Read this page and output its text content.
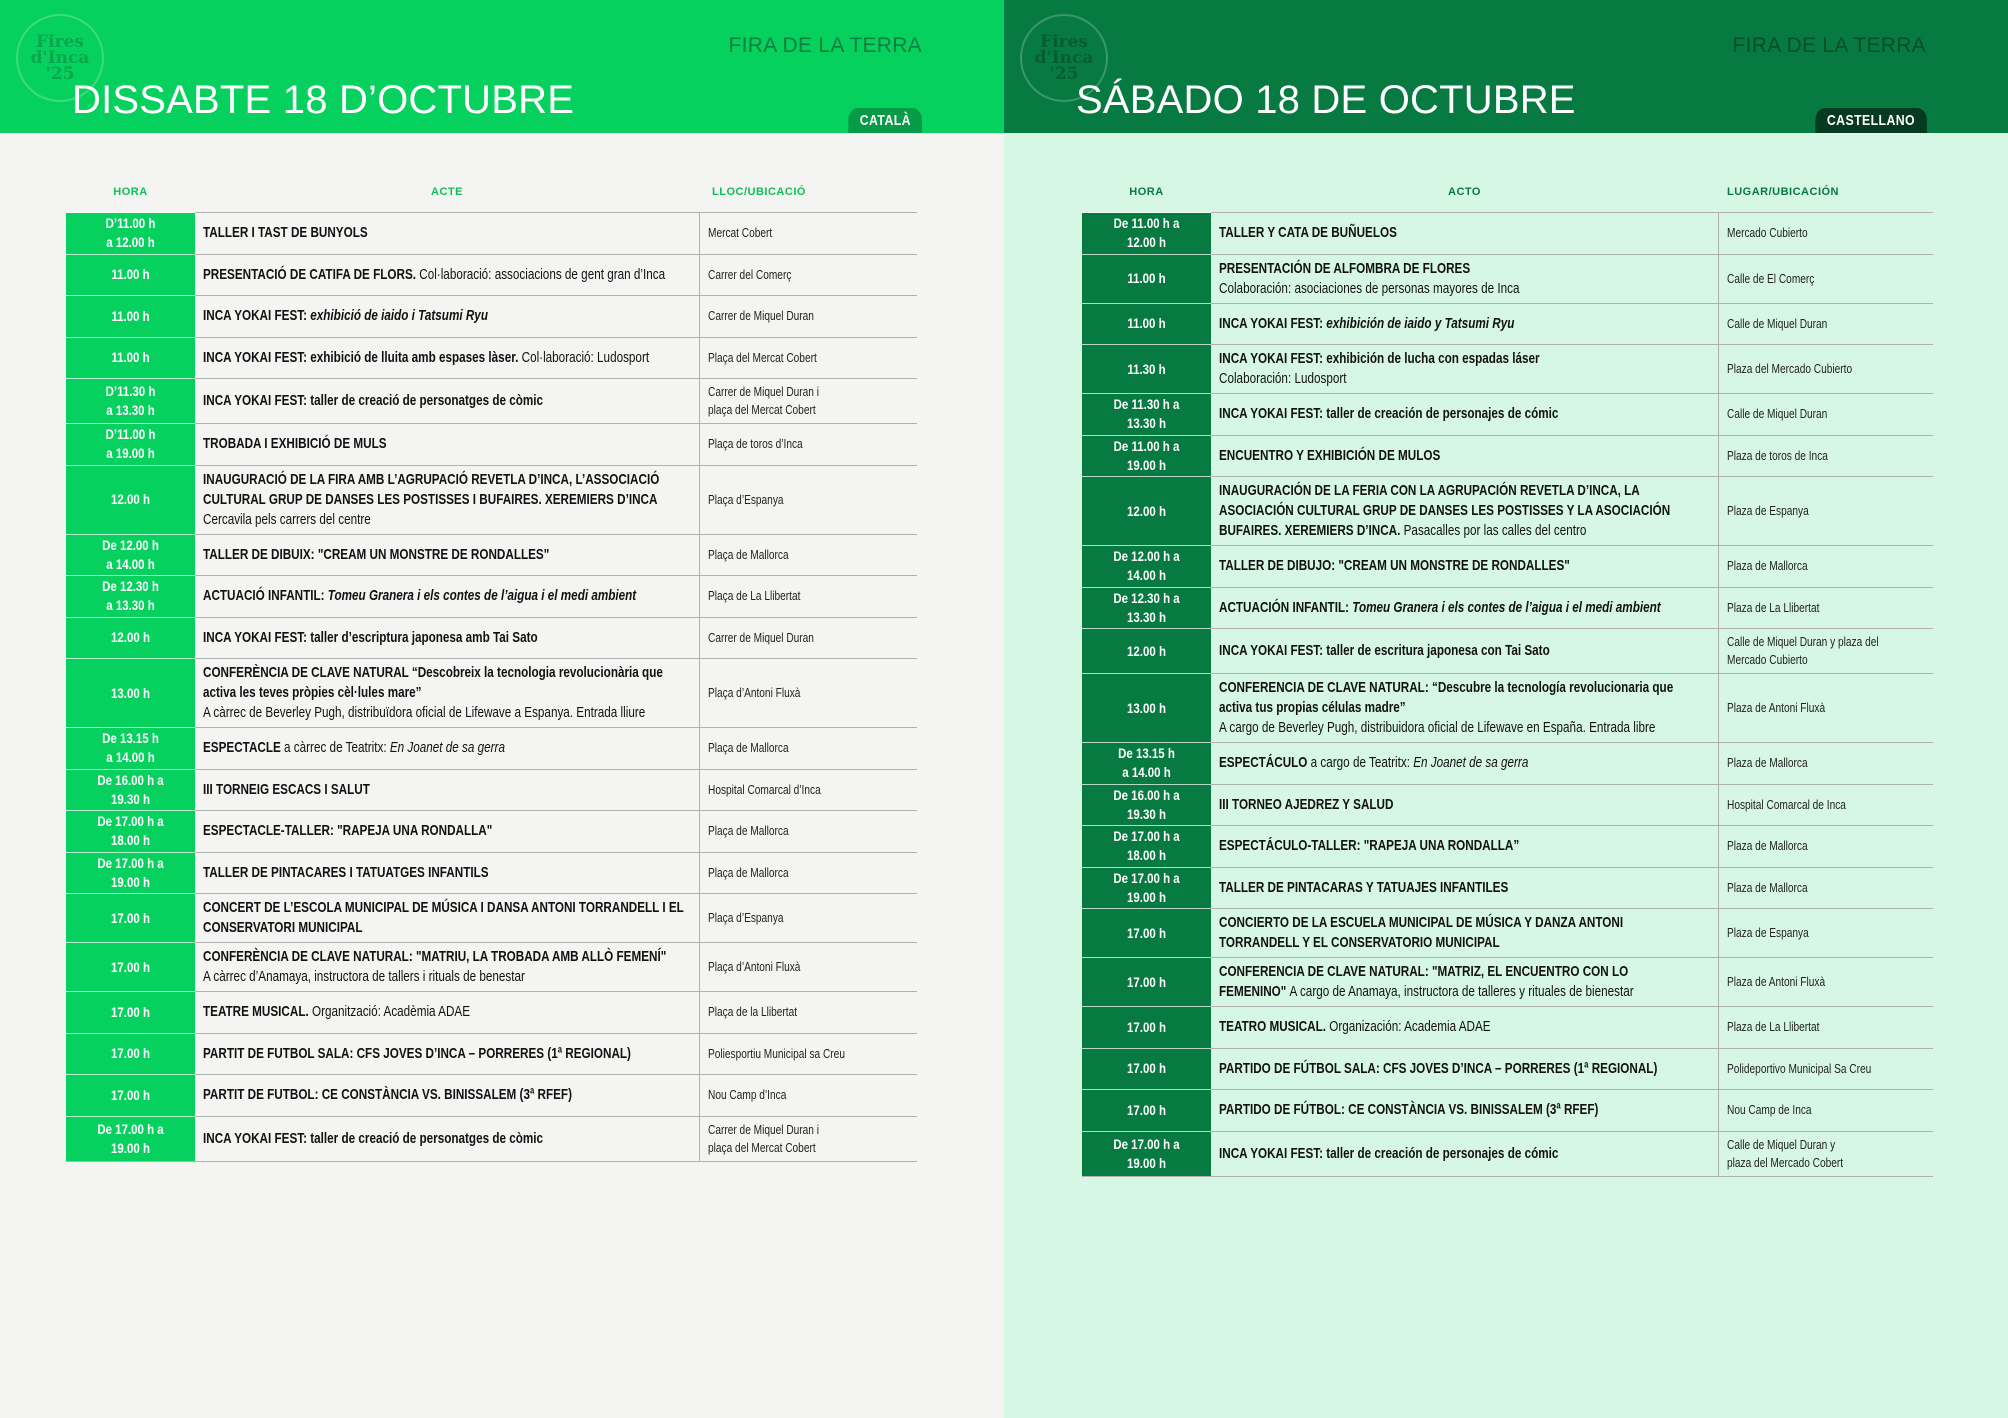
Fires
d'Inca
'25
FIRA DE LA TERRA
DISSABTE 18 D’OCTUBRE	CATALÀ
HORA	ACTE	LLOC/UBICACIÓ
D’11.00 h
a 12.00 h	TALLER I TAST DE BUNYOLS	Mercat Cobert

11.00 h	PRESENTACIÓ DE CATIFA DE FLORS. Col·laboració: associacions de gent gran d’Inca	Carrer del Comerç

11.00 h	INCA YOKAI FEST: exhibició de iaido i Tatsumi Ryu	Carrer de Miquel Duran

11.00 h	INCA YOKAI FEST: exhibició de lluita amb espases làser. Col·laboració: Ludosport	Plaça del Mercat Cobert

D’11.30 h
a 13.30 h	INCA YOKAI FEST: taller de creació de personatges de còmic	Carrer de Miquel Duran i
plaça del Mercat Cobert

D’11.00 h
a 19.00 h	TROBADA I EXHIBICIÓ DE MULS	Plaça de toros d’Inca

12.00 h	INAUGURACIÓ DE LA FIRA AMB L’AGRUPACIÓ REVETLA D’INCA, L’ASSOCIACIÓ
CULTURAL GRUP DE DANSES LES POSTISSES I BUFAIRES. XEREMIERS D’INCA
Cercavila pels carrers del centre	Plaça d’Espanya

De 12.00 h
a 14.00 h	TALLER DE DIBUIX: "CREAM UN MONSTRE DE RONDALLES"	Plaça de Mallorca

De 12.30 h
a 13.30 h	ACTUACIÓ INFANTIL: Tomeu Granera i els contes de l’aigua i el medi ambient	Plaça de La Llibertat

12.00 h	INCA YOKAI FEST: taller d’escriptura japonesa amb Tai Sato	Carrer de Miquel Duran

13.00 h	CONFERÈNCIA DE CLAVE NATURAL “Descobreix la tecnologia revolucionària que
activa les teves pròpies cèl·lules mare”
A càrrec de Beverley Pugh, distribuïdora oficial de Lifewave a Espanya. Entrada lliure	Plaça d’Antoni Fluxà

De 13.15 h
a 14.00 h	ESPECTACLE a càrrec de Teatritx: En Joanet de sa gerra	Plaça de Mallorca

De 16.00 h a
19.30 h	III TORNEIG ESCACS I SALUT	Hospital Comarcal d’Inca

De 17.00 h a
18.00 h	ESPECTACLE-TALLER: "RAPEJA UNA RONDALLA"	Plaça de Mallorca

De 17.00 h a
19.00 h	TALLER DE PINTACARES I TATUATGES INFANTILS	Plaça de Mallorca

17.00 h	CONCERT DE L’ESCOLA MUNICIPAL DE MÚSICA I DANSA ANTONI TORRANDELL I EL
CONSERVATORI MUNICIPAL	Plaça d’Espanya

17.00 h	CONFERÈNCIA DE CLAVE NATURAL: "MATRIU, LA TROBADA AMB ALLÒ FEMENÍ"
A càrrec d’Anamaya, instructora de tallers i rituals de benestar	Plaça d’Antoni Fluxà

17.00 h	TEATRE MUSICAL. Organització: Acadèmia ADAE	Plaça de la Llibertat

17.00 h	PARTIT DE FUTBOL SALA: CFS JOVES D’INCA – PORRERES (1ª REGIONAL)	Poliesportiu Municipal sa Creu

17.00 h	PARTIT DE FUTBOL: CE CONSTÀNCIA VS. BINISSALEM (3ª RFEF)	Nou Camp d’Inca

De 17.00 h a
19.00 h	INCA YOKAI FEST: taller de creació de personatges de còmic	Carrer de Miquel Duran i
plaça del Mercat Cobert
Fires
d'Inca
'25
FIRA DE LA TERRA
SÁBADO 18 DE OCTUBRE	CASTELLANO
HORA	ACTO	LUGAR/UBICACIÓN
De 11.00 h a
12.00 h	TALLER Y CATA DE BUÑUELOS	Mercado Cubierto

11.00 h	PRESENTACIÓN DE ALFOMBRA DE FLORES
Colaboración: asociaciones de personas mayores de Inca	Calle de El Comerç

11.00 h	INCA YOKAI FEST: exhibición de iaido y Tatsumi Ryu	Calle de Miquel Duran

11.30 h	INCA YOKAI FEST: exhibición de lucha con espadas láser
Colaboración: Ludosport	Plaza del Mercado Cubierto

De 11.30 h a
13.30 h	INCA YOKAI FEST: taller de creación de personajes de cómic	Calle de Miquel Duran

De 11.00 h a
19.00 h	ENCUENTRO Y EXHIBICIÓN DE MULOS	Plaza de toros de Inca

12.00 h	INAUGURACIÓN DE LA FERIA CON LA AGRUPACIÓN REVETLA D’INCA, LA
ASOCIACIÓN CULTURAL GRUP DE DANSES LES POSTISSES Y LA ASOCIACIÓN
BUFAIRES. XEREMIERS D’INCA. Pasacalles por las calles del centro	Plaza de Espanya

De 12.00 h a
14.00 h	TALLER DE DIBUJO: "CREAM UN MONSTRE DE RONDALLES"	Plaza de Mallorca

De 12.30 h a
13.30 h	ACTUACIÓN INFANTIL: Tomeu Granera i els contes de l’aigua i el medi ambient	Plaza de La Llibertat

12.00 h	INCA YOKAI FEST: taller de escritura japonesa con Tai Sato	Calle de Miquel Duran y plaza del
Mercado Cubierto

13.00 h	CONFERENCIA DE CLAVE NATURAL: “Descubre la tecnología revolucionaria que
activa tus propias células madre”
A cargo de Beverley Pugh, distribuidora oficial de Lifewave en España. Entrada libre	Plaza de Antoni Fluxà

De 13.15 h
a 14.00 h	ESPECTÁCULO a cargo de Teatritx: En Joanet de sa gerra	Plaza de Mallorca

De 16.00 h a
19.30 h	III TORNEO AJEDREZ Y SALUD	Hospital Comarcal de Inca

De 17.00 h a
18.00 h	ESPECTÁCULO-TALLER: "RAPEJA UNA RONDALLA”	Plaza de Mallorca

De 17.00 h a
19.00 h	TALLER DE PINTACARAS Y TATUAJES INFANTILES	Plaza de Mallorca

17.00 h	CONCIERTO DE LA ESCUELA MUNICIPAL DE MÚSICA Y DANZA ANTONI
TORRANDELL Y EL CONSERVATORIO MUNICIPAL	Plaza de Espanya

17.00 h	CONFERENCIA DE CLAVE NATURAL: "MATRIZ, EL ENCUENTRO CON LO
FEMENINO" A cargo de Anamaya, instructora de talleres y rituales de bienestar	Plaza de Antoni Fluxà

17.00 h	TEATRO MUSICAL. Organización: Academia ADAE	Plaza de La Llibertat

17.00 h	PARTIDO DE FÚTBOL SALA: CFS JOVES D’INCA – PORRERES (1ª REGIONAL)	Polideportivo Municipal Sa Creu

17.00 h	PARTIDO DE FÚTBOL: CE CONSTÀNCIA VS. BINISSALEM (3ª RFEF)	Nou Camp de Inca

De 17.00 h a
19.00 h	INCA YOKAI FEST: taller de creación de personajes de cómic	Calle de Miquel Duran y
plaza del Mercado Cobert
